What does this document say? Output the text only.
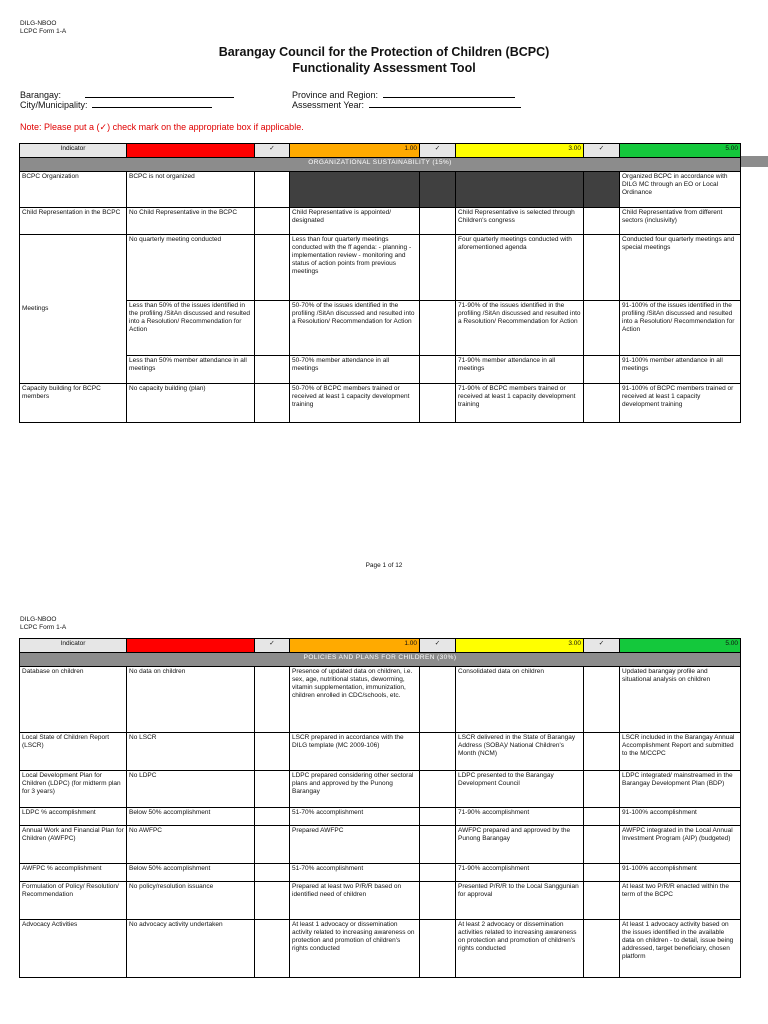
DILG-NBOO
LCPC Form 1-A
Barangay Council for the Protection of Children (BCPC)
Functionality Assessment Tool
Barangay:
City/Municipality:
Province and Region:
Assessment Year:
Note: Please put a (✓) check mark on the appropriate box if applicable.
Indicator		✓	1.00	✓	3.00	✓	5.00
ORGANIZATIONAL SUSTAINABILITY (15%)							
BCPC Organization	BCPC is not organized						Organized BCPC in accordance with DILG MC through an EO or Local Ordinance
Child Representation in the BCPC	No Child Representative in the BCPC		Child Representative is appointed/ designated		Child Representative is selected through Children's congress		Child Representative from different sectors (inclusivity)
Meetings	No quarterly meeting conducted		Less than four quarterly meetings conducted with the ff agenda: - planning - implementation review - monitoring and status of action points from previous meetings		Four quarterly meetings conducted with aforementioned agenda		Conducted four quarterly meetings and special meetings
	Less than 50% of the issues identified in the profiling /SitAn discussed and resulted into a Resolution/ Recommendation for Action		50-70% of the issues identified in the profiling /SitAn discussed and resulted into a Resolution/ Recommendation for Action		71-90% of the issues identified in the profiling /SitAn discussed and resulted into a Resolution/ Recommendation for Action		91-100% of the issues identified in the profiling /SitAn discussed and resulted into a Resolution/ Recommendation for Action
	Less than 50% member attendance in all meetings		50-70% member attendance in all meetings		71-90% member attendance in all meetings		91-100% member attendance in all meetings
Capacity building for BCPC members	No capacity building (plan)		50-70% of BCPC members trained or received at least 1 capacity development training		71-90% of BCPC members trained or received at least 1 capacity development training		91-100% of BCPC members trained or received at least 1 capacity development training
Page 1 of 12
DILG-NBOO
LCPC Form 1-A
Indicator		✓	1.00	✓	3.00	✓	5.00
POLICIES AND PLANS FOR CHILDREN (30%)							
Database on children	No data on children		Presence of updated data on children, i.e. sex, age, nutritional status, deworming, vitamin supplementation, immunization, children enrolled in CDC/schools, etc.		Consolidated data on children		Updated barangay profile and situational analysis on children
Local State of Children Report (LSCR)	No LSCR		LSCR prepared in accordance with the DILG template (MC 2009-106)		LSCR delivered in the State of Barangay Address (SOBA)/ National Children's Month (NCM)		LSCR included in the Barangay Annual Accomplishment Report and submitted to the M/CCPC
Local Development Plan for Children (LDPC) (for midterm plan for 3 years)	No LDPC		LDPC prepared considering other sectoral plans and approved by the Punong Barangay		LDPC presented to the Barangay Development Council		LDPC integrated/ mainstreamed in the Barangay Development Plan (BDP)
LDPC % accomplishment	Below 50% accomplishment		51-70% accomplishment		71-90% accomplishment		91-100% accomplishment
Annual Work and Financial Plan for Children (AWFPC)	No AWFPC		Prepared AWFPC		AWFPC prepared and approved by the Punong Barangay		AWFPC integrated in the Local Annual Investment Program (AIP) (budgeted)
AWFPC % accomplishment	Below 50% accomplishment		51-70% accomplishment		71-90% accomplishment		91-100% accomplishment
Formulation of Policy/ Resolution/ Recommendation	No policy/resolution issuance		Prepared at least two P/R/R based on identified need of children		Presented P/R/R to the Local Sanggunian for approval		At least two P/R/R enacted within the term of the BCPC
Advocacy Activities	No advocacy activity undertaken		At least 1 advocacy or dissemination activity related to increasing awareness on protection and promotion of children's rights conducted		At least 2 advocacy or dissemination activities related to increasing awareness on protection and promotion of children's rights conducted		At least 1 advocacy activity based on the issues identified in the available data on children - to detail, issue being addressed, target beneficiary, chosen platform
